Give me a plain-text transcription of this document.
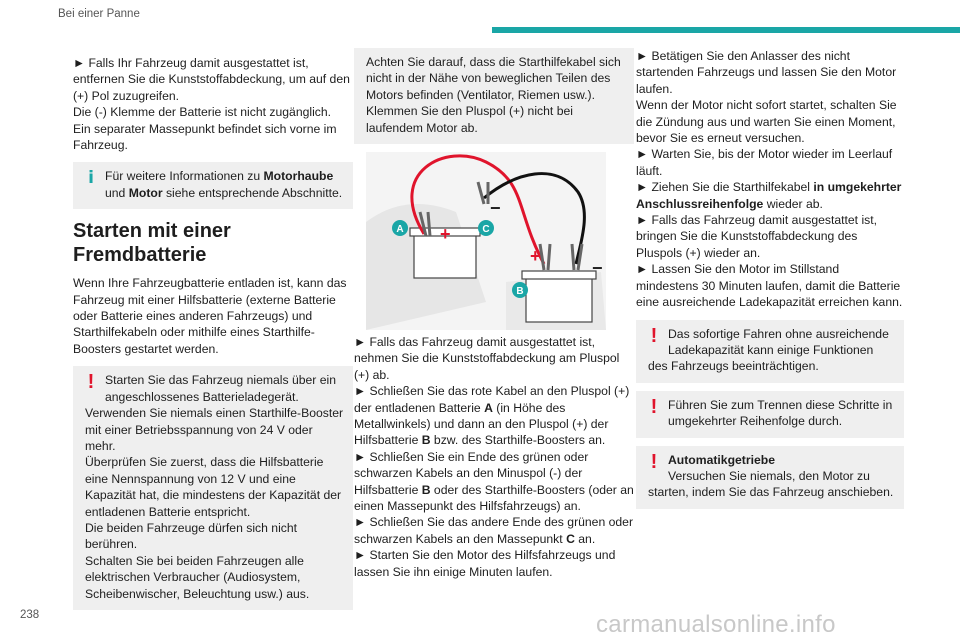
Bei einer Panne

► Falls Ihr Fahrzeug damit ausgestattet ist, entfernen Sie die Kunststoffabdeckung, um auf den (+) Pol zuzugreifen.

Die (-) Klemme der Batterie ist nicht zugänglich.

Ein separater Massepunkt befindet sich vorne im Fahrzeug.

i Für weitere Informationen zu Motorhaube und Motor siehe entsprechende Abschnitte.
Starten mit einer Fremdbatterie

Wenn Ihre Fahrzeugbatterie entladen ist, kann das Fahrzeug mit einer Hilfsbatterie (externe Batterie oder Batterie eines anderen Fahrzeugs) und Starthilfekabeln oder mithilfe eines Starthilfe-Boosters gestartet werden.

! Starten Sie das Fahrzeug niemals über ein angeschlossenes Batterieladegerät.

Verwenden Sie niemals einen Starthilfe-Booster mit einer Betriebsspannung von 24 V oder mehr.

Überprüfen Sie zuerst, dass die Hilfsbatterie eine Nennspannung von 12 V und eine Kapazität hat, die mindestens der Kapazität der entladenen Batterie entspricht.

Die beiden Fahrzeuge dürfen sich nicht berühren.

Schalten Sie bei beiden Fahrzeugen alle elektrischen Verbraucher (Audiosystem, Scheibenwischer, Beleuchtung usw.) aus.

Achten Sie darauf, dass die Starthilfekabel sich nicht in der Nähe von beweglichen Teilen des Motors befinden (Ventilator, Riemen usw.).

Klemmen Sie den Pluspol (+) nicht bei laufendem Motor ab.

+
−
+
−
A	C
B

► Falls das Fahrzeug damit ausgestattet ist, nehmen Sie die Kunststoffabdeckung am Pluspol (+) ab.

► Schließen Sie das rote Kabel an den Pluspol (+) der entladenen Batterie A (in Höhe des Metallwinkels) und dann an den Pluspol (+) der Hilfsbatterie B bzw. des Starthilfe-Boosters an.

► Schließen Sie ein Ende des grünen oder schwarzen Kabels an den Minuspol (-) der Hilfsbatterie B oder des Starthilfe-Boosters (oder an einen Massepunkt des Hilfsfahrzeugs) an.

► Schließen Sie das andere Ende des grünen oder schwarzen Kabels an den Massepunkt C an.

► Starten Sie den Motor des Hilfsfahrzeugs und lassen Sie ihn einige Minuten laufen.

► Betätigen Sie den Anlasser des nicht startenden Fahrzeugs und lassen Sie den Motor laufen.

Wenn der Motor nicht sofort startet, schalten Sie die Zündung aus und warten Sie einen Moment, bevor Sie es erneut versuchen.

► Warten Sie, bis der Motor wieder im Leerlauf läuft.

► Ziehen Sie die Starthilfekabel in umgekehrter Anschlussreihenfolge wieder ab.

► Falls das Fahrzeug damit ausgestattet ist, bringen Sie die Kunststoffabdeckung des Pluspols (+) wieder an.

► Lassen Sie den Motor im Stillstand mindestens 30 Minuten laufen, damit die Batterie eine ausreichende Ladekapazität erreichen kann.

! Das sofortige Fahren ohne ausreichende Ladekapazität kann einige Funktionen des Fahrzeugs beeinträchtigen.

! Führen Sie zum Trennen diese Schritte in umgekehrter Reihenfolge durch.

! Automatikgetriebe

Versuchen Sie niemals, den Motor zu starten, indem Sie das Fahrzeug anschieben.

238	carmanualsonline.info
